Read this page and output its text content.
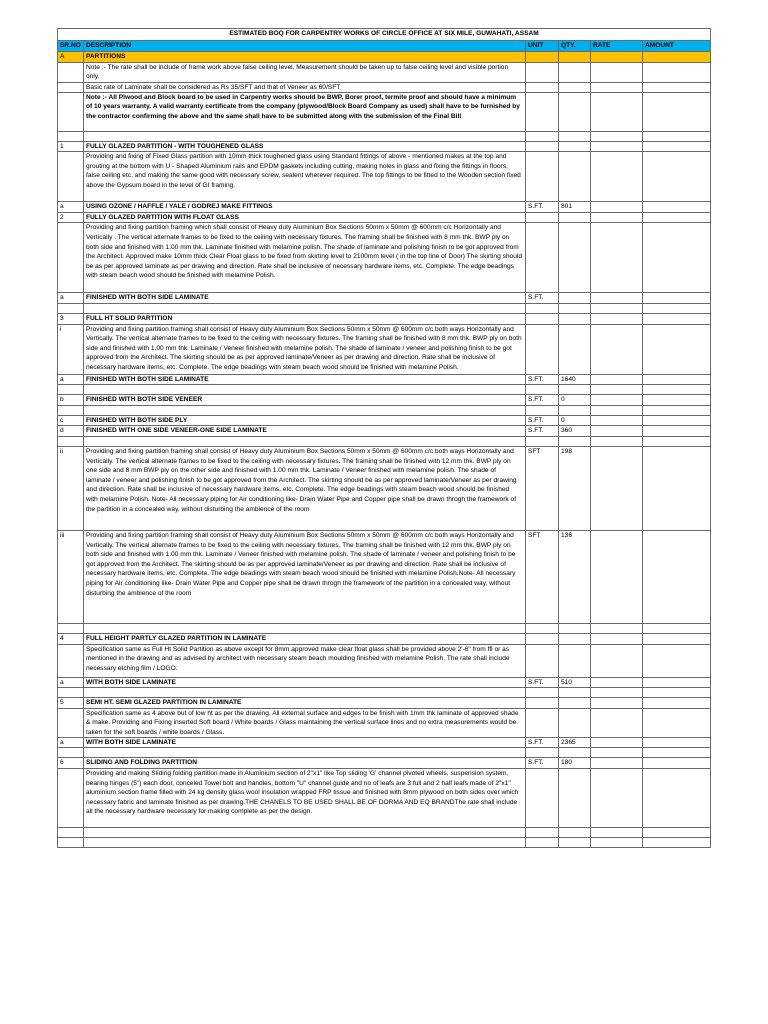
ESTIMATED BOQ FOR CARPENTRY WORKS OF CIRCLE OFFICE AT SIX MILE, GUWAHATI, ASSAM					
SR.NO	DESCRIPTION	UNIT	QTY.	RATE	AMOUNT
A	PARTITIONS				

	Note :- The rate shall be include of frame work above false ceiling level. Measurement should be taken up to false ceiling level and visible portion only.				

	Basic rate of Laminate shall be considered as Rs 35/SFT and that of Veneer as 60/SFT				

	Note :- All Plwood and Block board to be used in Carpentry works should be BWP, Borer proof, termite proof and should have a minimum of 10 years warranty. A valid warranty certificate from the company (plywood/Block Board Company as used) shall have to be furnished by the contractor confirming the above and the same shall have to be submitted along with the submission of the Final Bill				

1	FULLY GLAZED PARTITION - WITH TOUGHENED GLASS				

	Providing and fixing of Fixed Glass partition with 10mm thick toughened glass using Standard fittings of above - mentioned makes at the top and grouting at the bottom with U - Shaped Aluminium rails and EPDM gaskets including cutting, making holes in glass and fixing the fittings in floors, false ceiling etc. and making the same good with necessary screw, sealent wherever required. The top fittings to be fitted to the Wooden section fixed above the Gypsum board in the level of GI framing.				

a	USING OZONE / HAFFLE / YALE / GODREJ MAKE FITTINGS	S.FT.	801		
2	FULLY GLAZED PARTITION WITH FLOAT GLASS				

	Providing and fixing partition framing which shall consist of Heavy duty Aluminium Box Sections 50mm x 50mm @ 600mm c/c Horizontally and Vertically . The vertical alternate frames to be fixed to the ceiling with necessary fixtures. The framing shall be finished with 8 mm thk. BWP ply on both side and finished with 1.00 mm thk. Laminate finished with melamine polish. The shade of laminate and polishing finish to be got approved from the Architect. Approved make 10mm thick Clear Float glass to be fixed from skirting level to 2100mm level ( in the top line of Door) The skirting should be as per approved laminate as per drawing and direction. Rate shall be inclusive of necessary hardware items, etc. Complete. The edge beadings with steam beach wood should be finished with melamine Polish.				

a	FINISHED WITH BOTH SIDE LAMINATE	S.FT.			

3	FULL HT SOLID PARTITION				

i	Providing and fixing partition framing shall consist of Heavy duty Aluminium Box Sections 50mm x 50mm @ 600mm c/c both ways Horizontally and Vertically. The vertical alternate frames to be fixed to the ceiling with necessary fixtures. The framing shall be finished with 8 mm thk. BWP ply on both side and finished with 1.00 mm thk. Laminate / Veneer finished with melamine polish. The shade of laminate / veneer and polishing finish to be got approved from the Architect. The skirting should be as per approved laminate/Veneer as per drawing and direction. Rate shall be inclusive of necessary hardware items, etc. Complete. The edge beadings with steam beach wood should be finished with melamine Polish.				

a	FINISHED WITH BOTH SIDE LAMINATE	S.FT.	1640		

b	FINISHED WITH BOTH SIDE VENEER	S.FT.	0		

c	FINISHED WITH BOTH SIDE PLY	S.FT.	0		
d	FINISHED WITH ONE SIDE VENEER-ONE SIDE LAMINATE	S.FT.	360		

ii	Providing and fixing partition framing shall consist of Heavy duty Aluminium Box Sections 50mm x 50mm @ 600mm c/c both ways Horizontally and Vertically. The vertical alternate frames to be fixed to the ceiling with necessary fixtures. The framing shall be finished with 12 mm thk. BWP ply on one side and 8 mm BWP ply on the other side and finished with 1.00 mm thk. Laminate / Veneer finished with melamine polish. The shade of laminate / veneer and polishing finish to be got approved from the Architect. The skirting should be as per approved laminate/Veneer as per drawing and direction. Rate shall be inclusive of necessary hardware items, etc. Complete. The edge beadings with steam beach wood should be finished with melamine Polish. Note- All necessary piping for Air conditioning like- Drain Water Pipe and Copper pipe shall be drawn throgh the framework of the partition in a concealed way, without disturbing the ambience of the room	SFT	198		
iii	Providing and fixing partition framing shall consist of Heavy duty Aluminium Box Sections 50mm x 50mm @ 600mm c/c both ways Horizontally and Vertically. The vertical alternate frames to be fixed to the ceiling with necessary fixtures. The framing shall be finished with 12 mm thk. BWP ply on both side and finished with 1.00 mm thk. Laminate / Veneer finished with melamine polish. The shade of laminate / veneer and polishing finish to be got approved from the Architect. The skirting should be as per approved laminate/Veneer as per drawing and direction. Rate shall be inclusive of necessary hardware items, etc. Complete. The edge beadings with steam beach wood should be finished with melamine Polish.Note- All necessary piping for Air conditioning like- Drain Water Pipe and Copper pipe shall be drawn throgh the framework of the partition in a concealed way, without disturbing the ambience of the room	SFT	136		

4	FULL HEIGHT PARTLY GLAZED PARTITION IN LAMINATE				

	Specification same as Full Ht Solid Partition as above except for 8mm approved make clear float glass shall be provided above 2'-6" from ffl or as mentioned in the drawing and as advised by architect with necessary steam beach moulding finished with melamine Polish. The rate shall include necessary etching film / LOGO.				

a	WITH BOTH SIDE LAMINATE	S.FT.	510		

5	SEMI HT. SEMI GLAZED PARTITION IN LAMINATE				

	Specification same as 4 above but of low ht as per the drawing. All external surface and edges to be finish with 1mm thk laminate of approved shade & make. Providing and Fixing inserted Soft board / White boards / Glass maintaining the vertical surface lines and no extra measurements would be taken for the soft boards / white boards / Glass.				

a	WITH BOTH SIDE LAMINATE	S.FT.	2365		

6	SLIDING AND FOLDING PARTITION	S.FT.	180		

	Providing and making Sliding folding partition made in Aluminium section of 2"x1" like Top sliding 'G' channel pivoted wheels, suspension system, bearing hinges (5") each door, conceled Towel bolt and handles, bottom "U" channel guide and no of leafs are 3 full and 2 half leafs made of 2"x1" aluminium section frame filled with 24 kg density glass wool insulation wrapped FRP tissue and finished with 8mm plywood on both sides over which necessary fabric and laminate finished as per drawing.THE CHANELS TO BE USED SHALL BE OF DORMA AND EQ BRANDThe rate shall include all the necessary hardware necessary for making complete as per the design.				
